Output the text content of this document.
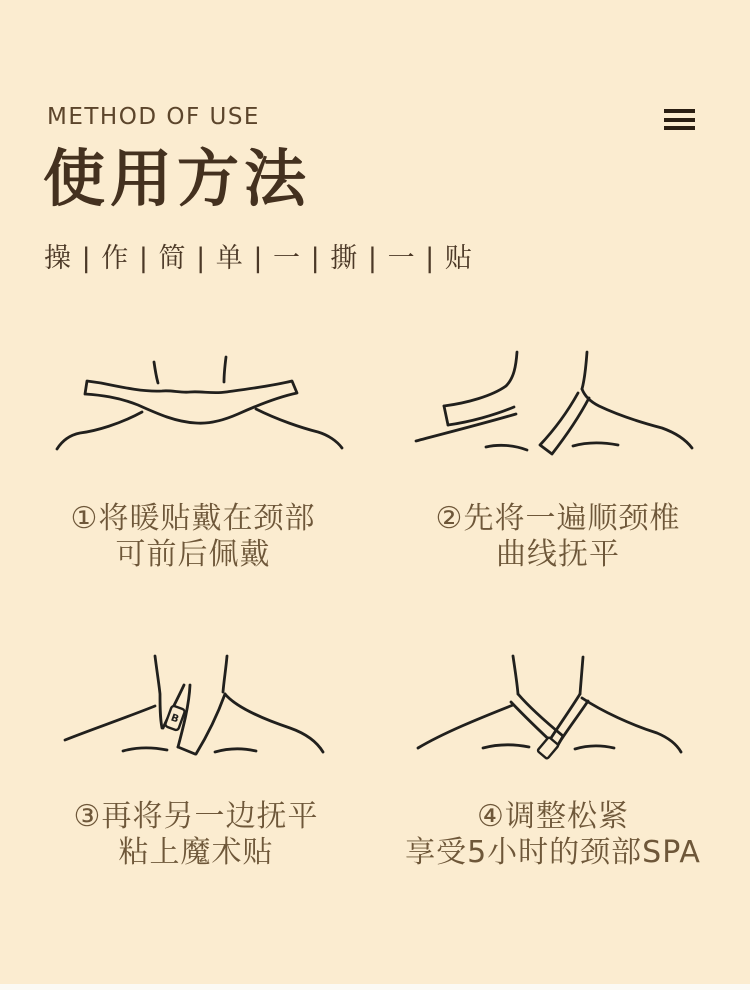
METHOD OF USE
使用方法
操 | 作 | 简 | 单 | 一 | 撕 | 一 | 贴
B
①将暖贴戴在颈部
可前后佩戴
②先将一遍顺颈椎
曲线抚平
③再将另一边抚平
粘上魔术贴
④调整松紧
享受5小时的颈部SPA
